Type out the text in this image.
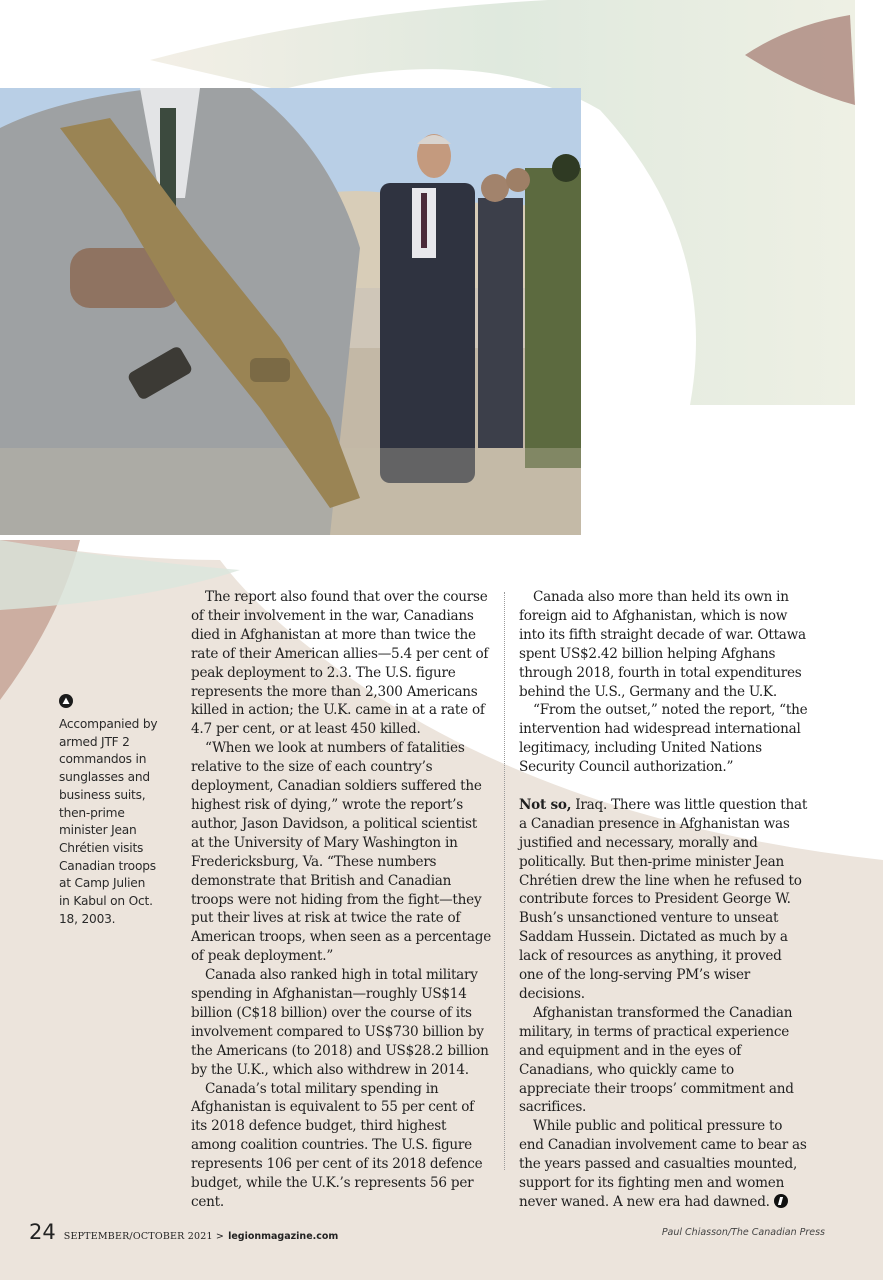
Accompanied by armed JTF 2 commandos in sunglasses and business suits, then-prime minister Jean Chrétien visits Canadian troops at Camp Julien in Kabul on Oct. 18, 2003.

The report also found that over the course of their involvement in the war, Canadians died in Afghanistan at more than twice the rate of their American allies—5.4 per cent of peak deployment to 2.3. The U.S. figure represents the more than 2,300 Americans killed in action; the U.K. came in at a rate of 4.7 per cent, or at least 450 killed.

“When we look at numbers of fatalities relative to the size of each country’s deployment, Canadian soldiers suffered the highest risk of dying,” wrote the report’s author, Jason Davidson, a political scientist at the University of Mary Washington in Fredericksburg, Va. “These numbers demonstrate that British and Canadian troops were not hiding from the fight—they put their lives at risk at twice the rate of American troops, when seen as a percentage of peak deployment.”

Canada also ranked high in total military spending in Afghanistan—roughly US$14 billion (C$18 billion) over the course of its involvement compared to US$730 billion by the Americans (to 2018) and US$28.2 billion by the U.K., which also withdrew in 2014.

Canada’s total military spending in Afghanistan is equivalent to 55 per cent of its 2018 defence budget, third highest among coalition countries. The U.S. figure represents 106 per cent of its 2018 defence budget, while the U.K.’s represents 56 per cent.

Canada also more than held its own in foreign aid to Afghanistan, which is now into its fifth straight decade of war. Ottawa spent US$2.42 billion helping Afghans through 2018, fourth in total expenditures behind the U.S., Germany and the U.K.

“From the outset,” noted the report, “the intervention had widespread international legitimacy, including United Nations Security Council authorization.”

Not so, Iraq. There was little question that a Canadian presence in Afghanistan was justified and necessary, morally and politically. But then-prime minister Jean Chrétien drew the line when he refused to contribute forces to President George W. Bush’s unsanctioned venture to unseat Saddam Hussein. Dictated as much by a lack of resources as anything, it proved one of the long-serving PM’s wiser decisions.

Afghanistan transformed the Canadian military, in terms of practical experience and equipment and in the eyes of Canadians, who quickly came to appreciate their troops’ commitment and sacrifices.

While public and political pressure to end Canadian involvement came to bear as the years passed and casualties mounted, support for its fighting men and women never waned. A new era had dawned.

24 SEPTEMBER/OCTOBER 2021 > legionmagazine.com	Paul Chiasson/The Canadian Press
